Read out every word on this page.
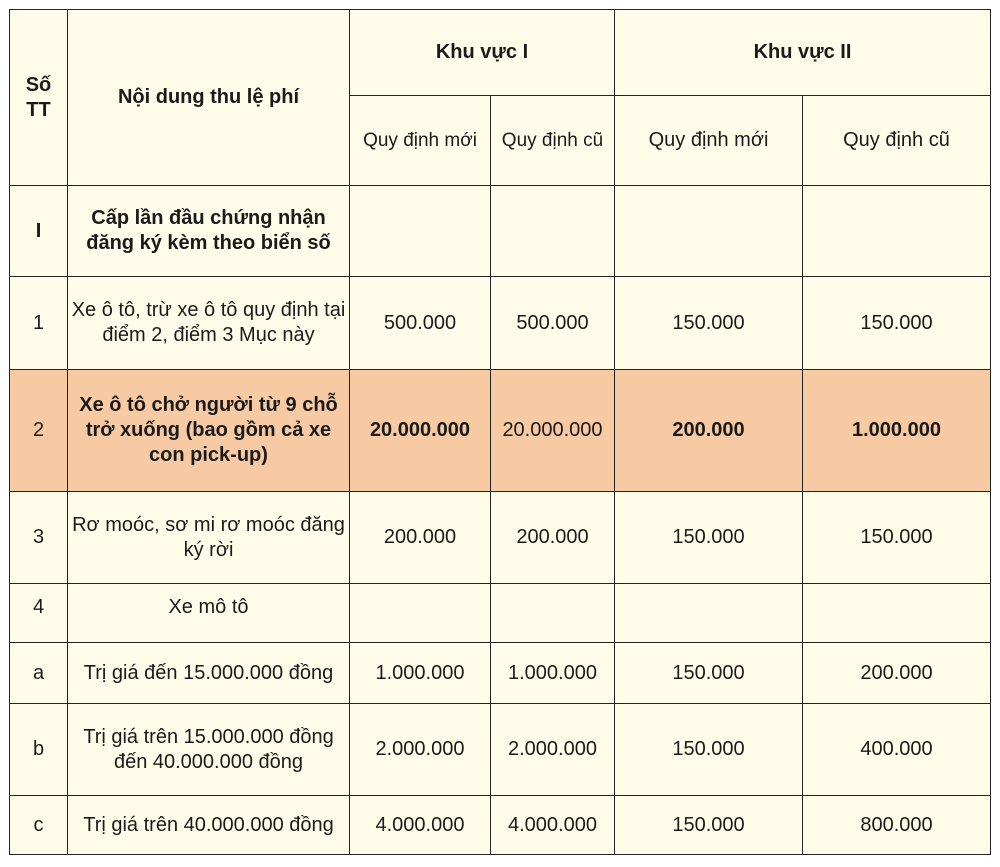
Số TT	Nội dung thu lệ phí	Khu vực I		Khu vực II	
		Quy định mới	Quy định cũ	Quy định mới	Quy định cũ
I	Cấp lần đầu chứng nhận đăng ký kèm theo biển số				
1	Xe ô tô, trừ xe ô tô quy định tại điểm 2, điểm 3 Mục này	500.000	500.000	150.000	150.000
2	Xe ô tô chở người từ 9 chỗ trở xuống (bao gồm cả xe con pick-up)	20.000.000	20.000.000	200.000	1.000.000
3	Rơ moóc, sơ mi rơ moóc đăng ký rời	200.000	200.000	150.000	150.000
4	Xe mô tô				
a	Trị giá đến 15.000.000 đồng	1.000.000	1.000.000	150.000	200.000
b	Trị giá trên 15.000.000 đồng đến 40.000.000 đồng	2.000.000	2.000.000	150.000	400.000
c	Trị giá trên 40.000.000 đồng	4.000.000	4.000.000	150.000	800.000
